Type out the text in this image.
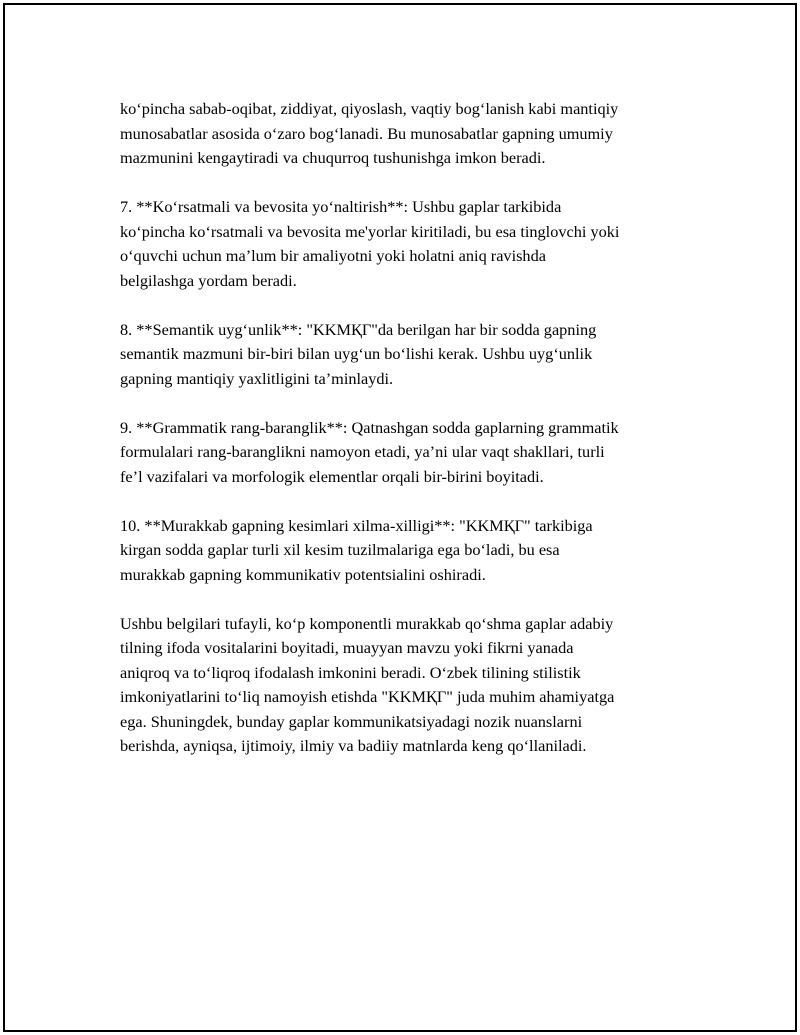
ko‘pincha sabab-oqibat, ziddiyat, qiyoslash, vaqtiy bog‘lanish kabi mantiqiy
munosabatlar asosida o‘zaro bog‘lanadi. Bu munosabatlar gapning umumiy
mazmunini kengaytiradi va chuqurroq tushunishga imkon beradi.

7. **Ko‘rsatmali va bevosita yo‘naltirish**: Ushbu gaplar tarkibida
ko‘pincha ko‘rsatmali va bevosita me'yorlar kiritiladi, bu esa tinglovchi yoki
o‘quvchi uchun ma’lum bir amaliyotni yoki holatni aniq ravishda
belgilashga yordam beradi.

8. **Semantik uyg‘unlik**: "KKMҚГ"da berilgan har bir sodda gapning
semantik mazmuni bir-biri bilan uyg‘un bo‘lishi kerak. Ushbu uyg‘unlik
gapning mantiqiy yaxlitligini ta’minlaydi.

9. **Grammatik rang-baranglik**: Qatnashgan sodda gaplarning grammatik
formulalari rang-baranglikni namoyon etadi, ya’ni ular vaqt shakllari, turli
fe’l vazifalari va morfologik elementlar orqali bir-birini boyitadi.

10. **Murakkab gapning kesimlari xilma-xilligi**: "KKMҚГ" tarkibiga
kirgan sodda gaplar turli xil kesim tuzilmalariga ega bo‘ladi, bu esa
murakkab gapning kommunikativ potentsialini oshiradi.

Ushbu belgilari tufayli, ko‘p komponentli murakkab qo‘shma gaplar adabiy
tilning ifoda vositalarini boyitadi, muayyan mavzu yoki fikrni yanada
aniqroq va to‘liqroq ifodalash imkonini beradi. O‘zbek tilining stilistik
imkoniyatlarini to‘liq namoyish etishda "KKMҚГ" juda muhim ahamiyatga
ega. Shuningdek, bunday gaplar kommunikatsiyadagi nozik nuanslarni
berishda, ayniqsa, ijtimoiy, ilmiy va badiiy matnlarda keng qo‘llaniladi.
